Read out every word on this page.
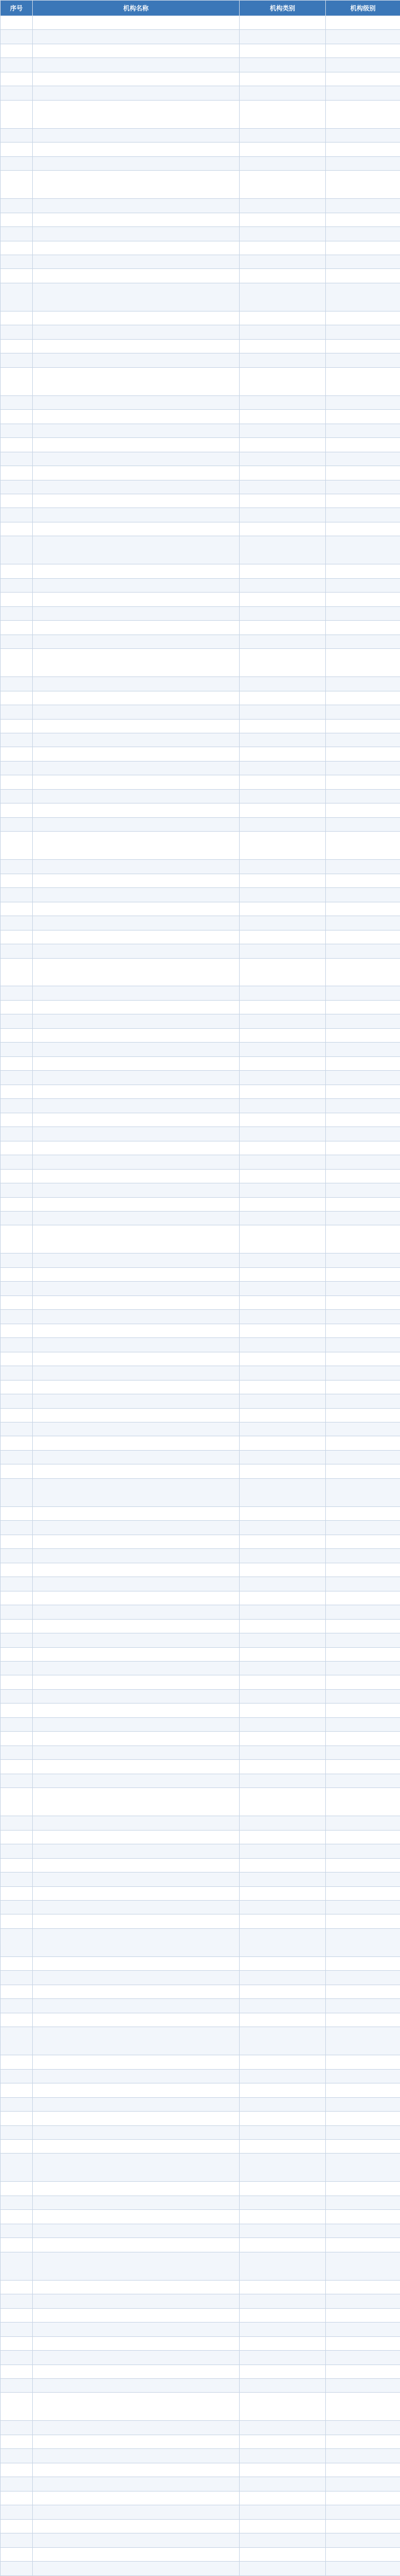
序号	机构名称	机构类别	机构级别
